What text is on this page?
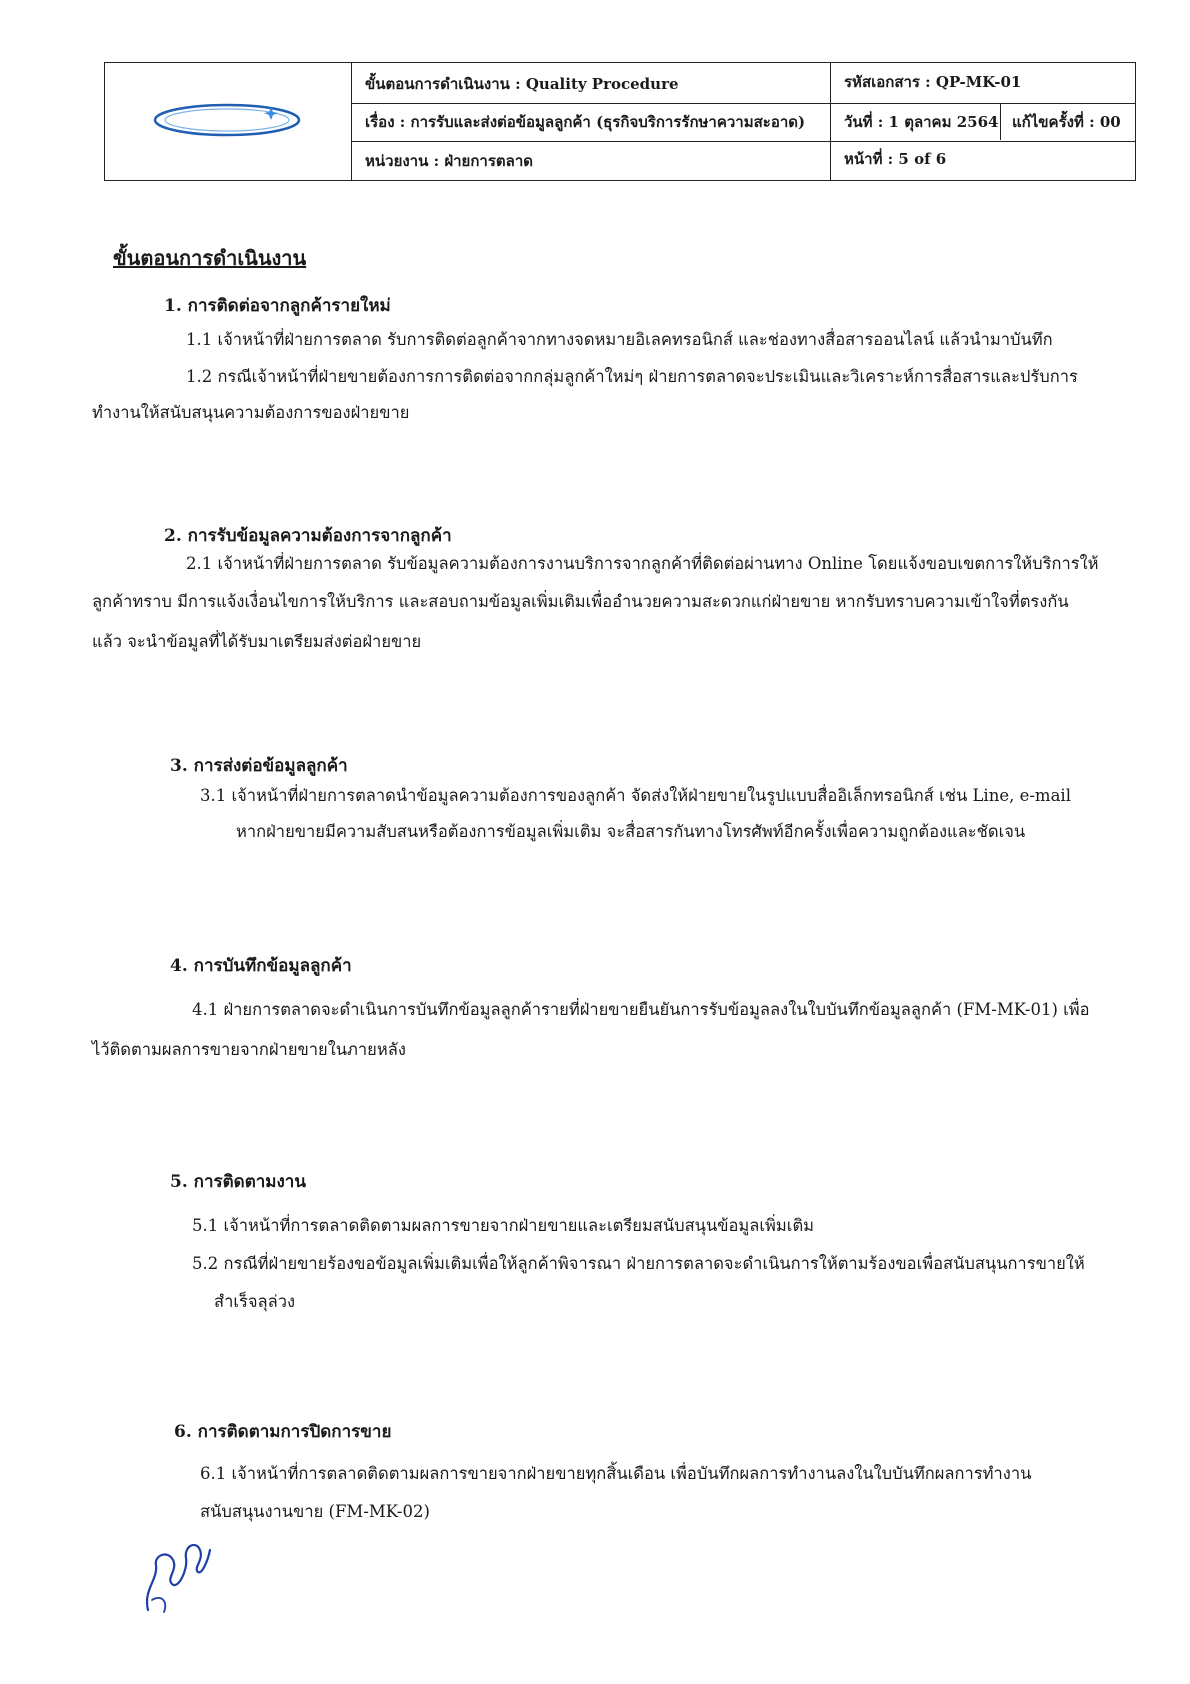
ขั้นตอนการดำเนินงาน : Quality Procedure	รหัสเอกสาร : QP-MK-01
เรื่อง : การรับและส่งต่อข้อมูลลูกค้า (ธุรกิจบริการรักษาความสะอาด)	วันที่ : 1 ตุลาคม 2564 แก้ไขครั้งที่ : 00
หน่วยงาน : ฝ่ายการตลาด	หน้าที่ : 5 of 6
ขั้นตอนการดำเนินงาน
1. การติดต่อจากลูกค้ารายใหม่
1.1 เจ้าหน้าที่ฝ่ายการตลาด รับการติดต่อลูกค้าจากทางจดหมายอิเลคทรอนิกส์ และช่องทางสื่อสารออนไลน์ แล้วนำมาบันทึก
1.2 กรณีเจ้าหน้าที่ฝ่ายขายต้องการการติดต่อจากกลุ่มลูกค้าใหม่ๆ ฝ่ายการตลาดจะประเมินและวิเคราะห์การสื่อสารและปรับการ
ทำงานให้สนับสนุนความต้องการของฝ่ายขาย
2. การรับข้อมูลความต้องการจากลูกค้า
2.1 เจ้าหน้าที่ฝ่ายการตลาด รับข้อมูลความต้องการงานบริการจากลูกค้าที่ติดต่อผ่านทาง Online โดยแจ้งขอบเขตการให้บริการให้
ลูกค้าทราบ มีการแจ้งเงื่อนไขการให้บริการ และสอบถามข้อมูลเพิ่มเติมเพื่ออำนวยความสะดวกแก่ฝ่ายขาย หากรับทราบความเข้าใจที่ตรงกัน
แล้ว จะนำข้อมูลที่ได้รับมาเตรียมส่งต่อฝ่ายขาย
3. การส่งต่อข้อมูลลูกค้า
3.1 เจ้าหน้าที่ฝ่ายการตลาดนำข้อมูลความต้องการของลูกค้า จัดส่งให้ฝ่ายขายในรูปแบบสื่ออิเล็กทรอนิกส์ เช่น Line, e-mail
หากฝ่ายขายมีความสับสนหรือต้องการข้อมูลเพิ่มเติม จะสื่อสารกันทางโทรศัพท์อีกครั้งเพื่อความถูกต้องและชัดเจน
4. การบันทึกข้อมูลลูกค้า
4.1 ฝ่ายการตลาดจะดำเนินการบันทึกข้อมูลลูกค้ารายที่ฝ่ายขายยืนยันการรับข้อมูลลงในใบบันทึกข้อมูลลูกค้า (FM-MK-01) เพื่อ
ไว้ติดตามผลการขายจากฝ่ายขายในภายหลัง
5. การติดตามงาน
5.1 เจ้าหน้าที่การตลาดติดตามผลการขายจากฝ่ายขายและเตรียมสนับสนุนข้อมูลเพิ่มเติม
5.2 กรณีที่ฝ่ายขายร้องขอข้อมูลเพิ่มเติมเพื่อให้ลูกค้าพิจารณา ฝ่ายการตลาดจะดำเนินการให้ตามร้องขอเพื่อสนับสนุนการขายให้
สำเร็จลุล่วง
6. การติดตามการปิดการขาย
6.1 เจ้าหน้าที่การตลาดติดตามผลการขายจากฝ่ายขายทุกสิ้นเดือน เพื่อบันทึกผลการทำงานลงในใบบันทึกผลการทำงาน
สนับสนุนงานขาย (FM-MK-02)
